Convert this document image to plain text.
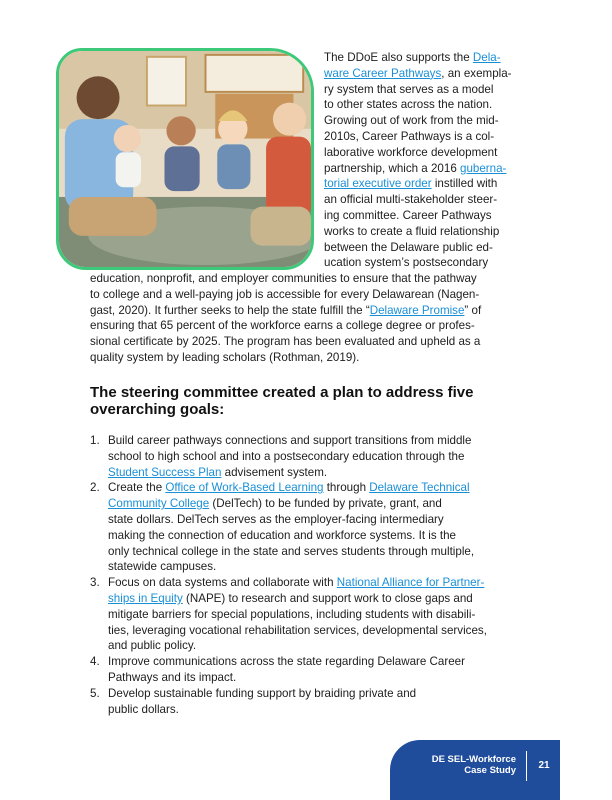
The DDoE also supports the Dela-
ware Career Pathways, an exempla-
ry system that serves as a model
to other states across the nation.
Growing out of work from the mid-
2010s, Career Pathways is a col-
laborative workforce development
partnership, which a 2016 guberna-
torial executive order instilled with
an official multi-stakeholder steer-
ing committee. Career Pathways
works to create a fluid relationship
between the Delaware public ed-
ucation system’s postsecondary
education, nonprofit, and employer communities to ensure that the pathway
to college and a well-paying job is accessible for every Delawarean (Nagen-
gast, 2020). It further seeks to help the state fulfill the “Delaware Promise” of
ensuring that 65 percent of the workforce earns a college degree or profes-
sional certificate by 2025. The program has been evaluated and upheld as a
quality system by leading scholars (Rothman, 2019).
The steering committee created a plan to address five overarching goals:
1. Build career pathways connections and support transitions from middle
school to high school and into a postsecondary education through the
Student Success Plan advisement system.
2. Create the Office of Work-Based Learning through Delaware Technical
Community College (DelTech) to be funded by private, grant, and
state dollars. DelTech serves as the employer-facing intermediary
making the connection of education and workforce systems. It is the
only technical college in the state and serves students through multiple,
statewide campuses.
3. Focus on data systems and collaborate with National Alliance for Partner-
ships in Equity (NAPE) to research and support work to close gaps and
mitigate barriers for special populations, including students with disabili-
ties, leveraging vocational rehabilitation services, developmental services,
and public policy.
4. Improve communications across the state regarding Delaware Career
Pathways and its impact.
5. Develop sustainable funding support by braiding private and
public dollars.
DE SEL-Workforce
Case Study	21
